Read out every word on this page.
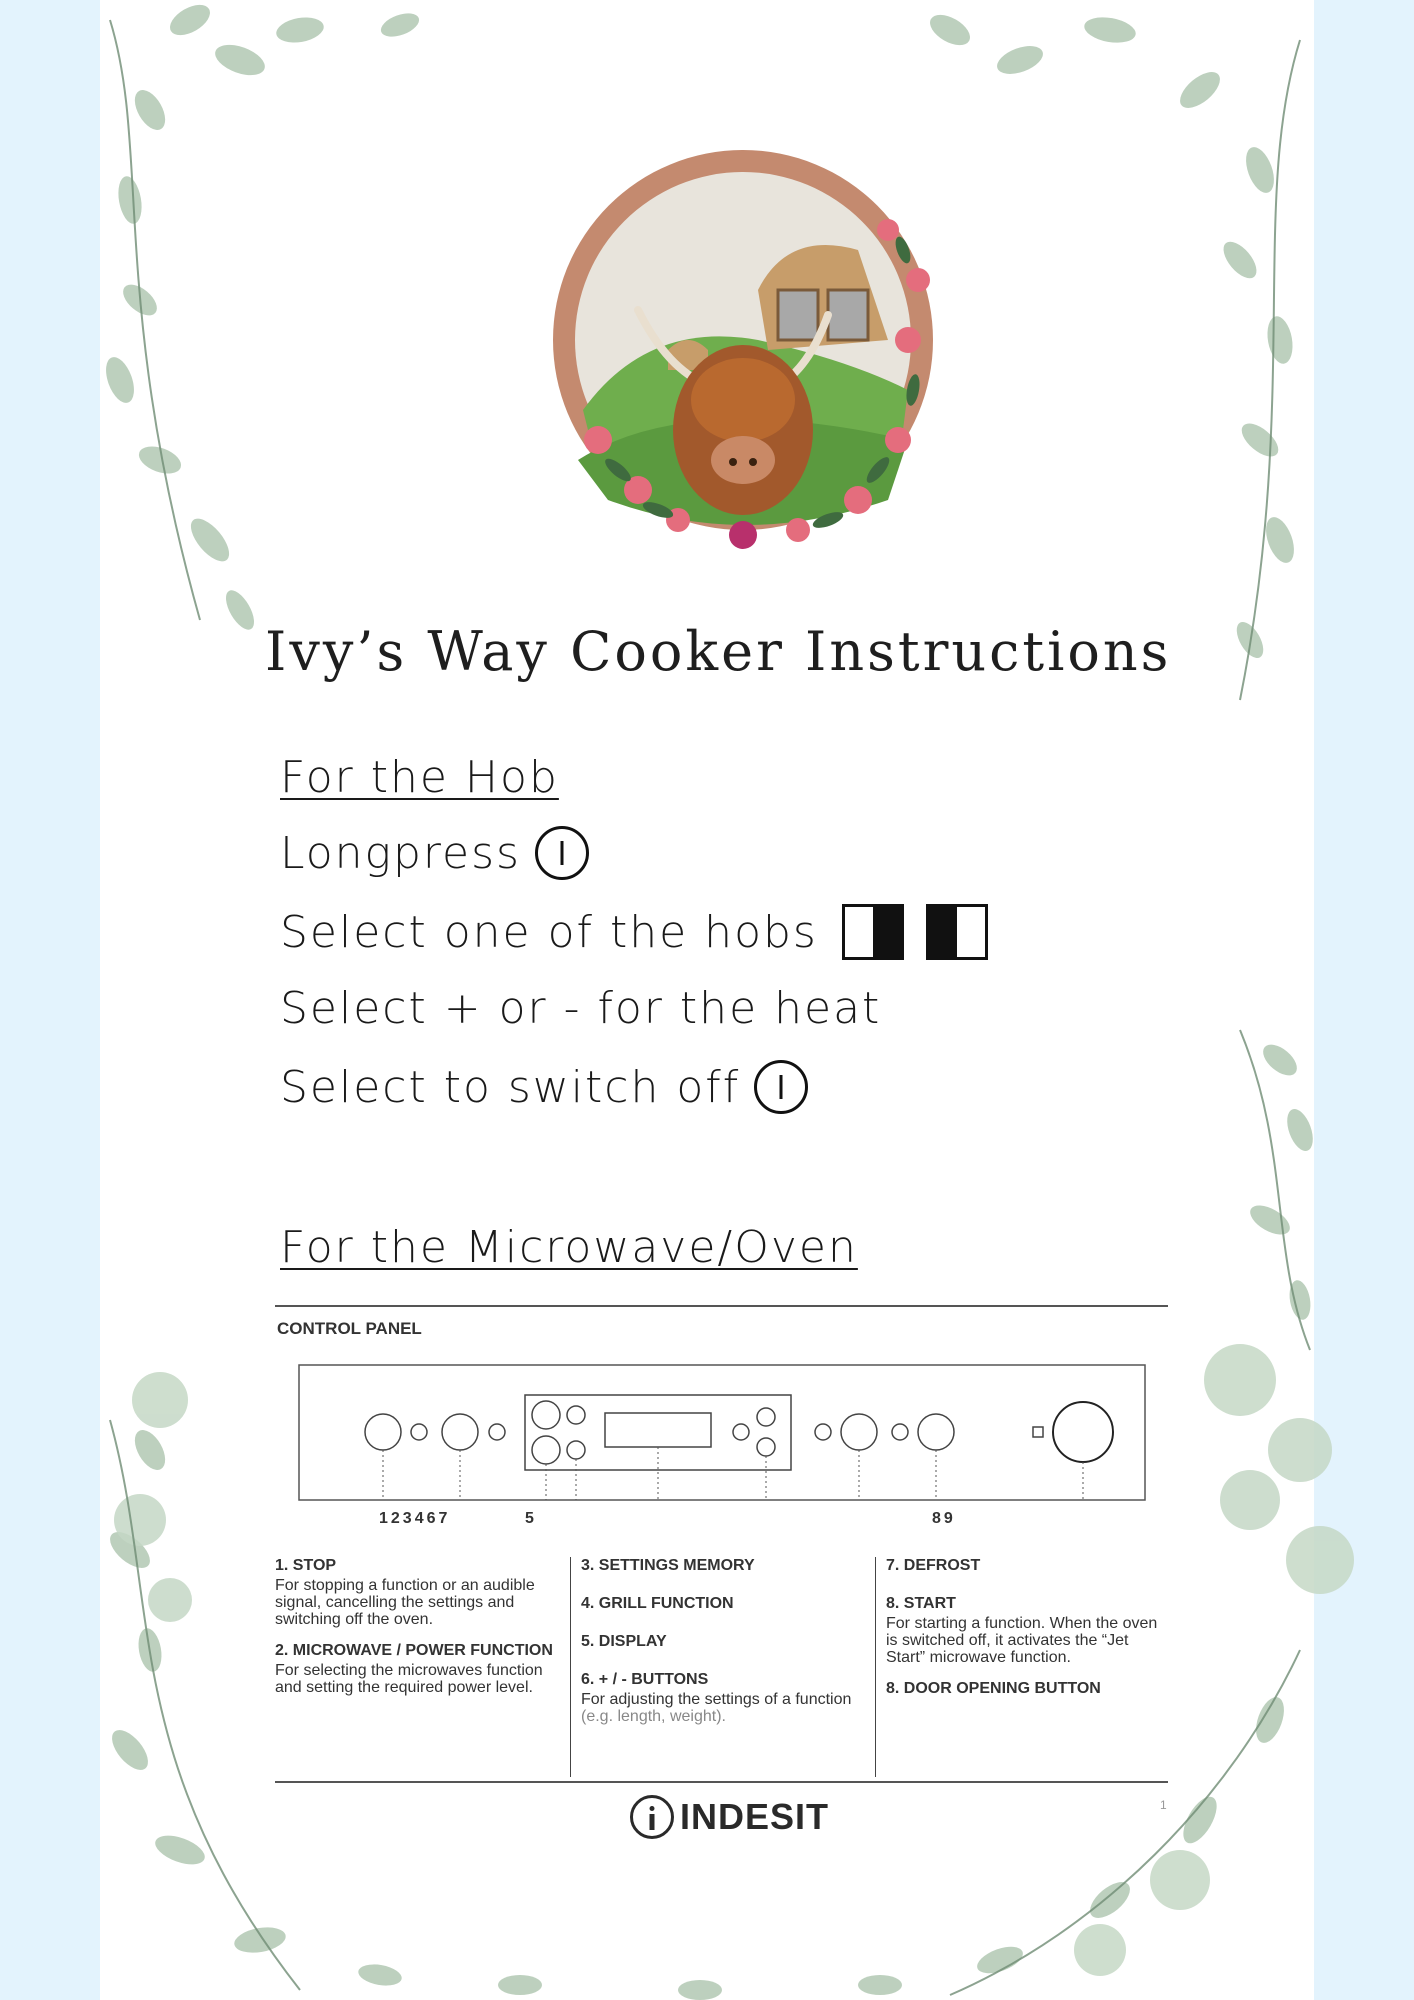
Ivy’s Way Cooker Instructions
For the Hob
Longpress
Select one of the hobs
Select + or - for the heat
Select to switch off
For the Microwave/Oven
CONTROL PANEL
123467	5	89
1. STOP

For stopping a function or an audible signal, cancelling the settings and switching off the oven.

2. MICROWAVE / POWER FUNCTION

For selecting the microwaves function and setting the required power level.

3. SETTINGS MEMORY
4. GRILL FUNCTION
5. DISPLAY
6. + / - BUTTONS

For adjusting the settings of a function (e.g. length, weight).

7. DEFROST
8. START

For starting a function. When the oven is switched off, it activates the “Jet Start” microwave function.

8. DOOR OPENING BUTTON
INDESIT	1
